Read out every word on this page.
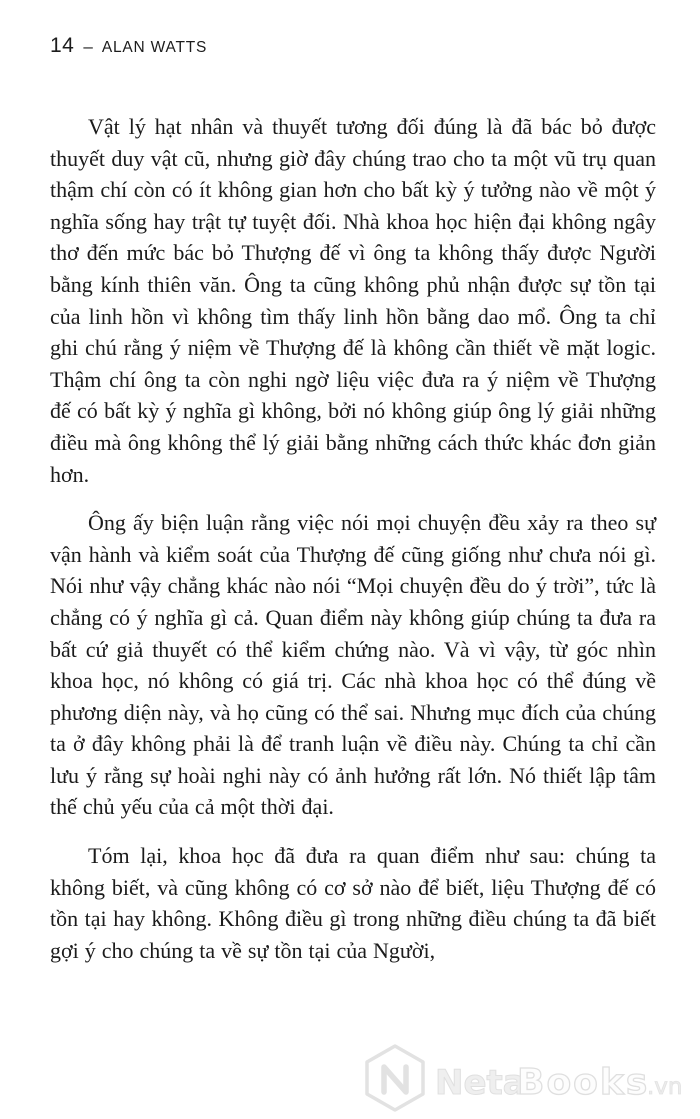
14 – ALAN WATTS

Vật lý hạt nhân và thuyết tương đối đúng là đã bác bỏ được thuyết duy vật cũ, nhưng giờ đây chúng trao cho ta một vũ trụ quan thậm chí còn có ít không gian hơn cho bất kỳ ý tưởng nào về một ý nghĩa sống hay trật tự tuyệt đối. Nhà khoa học hiện đại không ngây thơ đến mức bác bỏ Thượng đế vì ông ta không thấy được Người bằng kính thiên văn. Ông ta cũng không phủ nhận được sự tồn tại của linh hồn vì không tìm thấy linh hồn bằng dao mổ. Ông ta chỉ ghi chú rằng ý niệm về Thượng đế là không cần thiết về mặt logic. Thậm chí ông ta còn nghi ngờ liệu việc đưa ra ý niệm về Thượng đế có bất kỳ ý nghĩa gì không, bởi nó không giúp ông lý giải những điều mà ông không thể lý giải bằng những cách thức khác đơn giản hơn.

Ông ấy biện luận rằng việc nói mọi chuyện đều xảy ra theo sự vận hành và kiểm soát của Thượng đế cũng giống như chưa nói gì. Nói như vậy chẳng khác nào nói “Mọi chuyện đều do ý trời”, tức là chẳng có ý nghĩa gì cả. Quan điểm này không giúp chúng ta đưa ra bất cứ giả thuyết có thể kiểm chứng nào. Và vì vậy, từ góc nhìn khoa học, nó không có giá trị. Các nhà khoa học có thể đúng về phương diện này, và họ cũng có thể sai. Nhưng mục đích của chúng ta ở đây không phải là để tranh luận về điều này. Chúng ta chỉ cần lưu ý rằng sự hoài nghi này có ảnh hưởng rất lớn. Nó thiết lập tâm thế chủ yếu của cả một thời đại.

Tóm lại, khoa học đã đưa ra quan điểm như sau: chúng ta không biết, và cũng không có cơ sở nào để biết, liệu Thượng đế có tồn tại hay không. Không điều gì trong những điều chúng ta đã biết gợi ý cho chúng ta về sự tồn tại của Người,

Neta
Books
.vn
